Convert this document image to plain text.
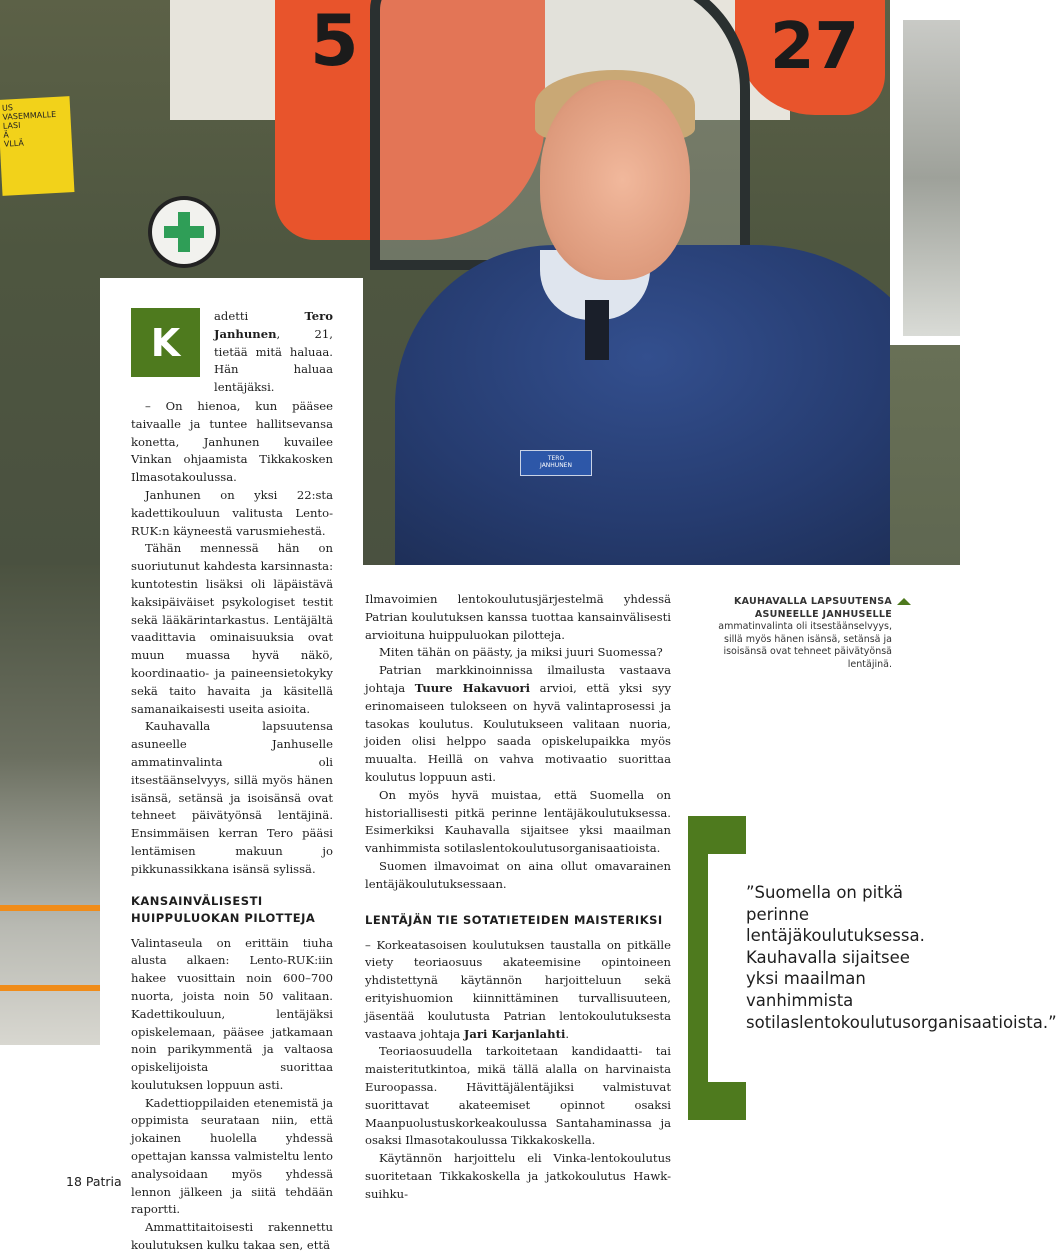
5	27
US
VASEMMALLE
LASI
Ä
VLLÄ
TERO
JANHUNEN
K

adetti Tero Janhunen, 21, tietää mitä haluaa. Hän haluaa lentäjäksi.

– On hienoa, kun pääsee taivaalle ja tuntee hallitsevansa konetta, Janhunen kuvailee Vinkan ohjaamista Tikkakosken Ilmasotakoulussa.

Janhunen on yksi 22:sta kadettikouluun valitusta Lento-RUK:n käyneestä varusmiehestä.

Tähän mennessä hän on suoriutunut kahdesta karsinnasta: kuntotestin lisäksi oli läpäistävä kaksipäiväiset psykologiset testit sekä lääkärintarkastus. Lentäjältä vaadittavia ominaisuuksia ovat muun muassa hyvä näkö, koordinaatio- ja paineensietokyky sekä taito havaita ja käsitellä samanaikaisesti useita asioita.

Kauhavalla lapsuutensa asuneelle Janhuselle ammatinvalinta oli itsestäänselvyys, sillä myös hänen isänsä, setänsä ja isoisänsä ovat tehneet päivätyönsä lentäjinä. Ensimmäisen kerran Tero pääsi lentämisen makuun jo pikkunassikkana isänsä sylissä.

KANSAINVÄLISESTI HUIPPULUOKAN PILOTTEJA

Valintaseula on erittäin tiuha alusta alkaen: Lento-RUK:iin hakee vuosittain noin 600–700 nuorta, joista noin 50 valitaan. Kadettikouluun, lentäjäksi opiskelemaan, pääsee jatkamaan noin parikymmentä ja valtaosa opiskelijoista suorittaa koulutuksen loppuun asti.

Kadettioppilaiden etenemistä ja oppimista seurataan niin, että jokainen huolella yhdessä opettajan kanssa valmisteltu lento analysoidaan myös yhdessä lennon jälkeen ja siitä tehdään raportti.

Ammattitaitoisesti rakennettu koulutuksen kulku takaa sen, että

Ilmavoimien lentokoulutusjärjestelmä yhdessä Patrian koulutuksen kanssa tuottaa kansainvälisesti arvioituna huippuluokan pilotteja.

Miten tähän on päästy, ja miksi juuri Suomessa?

Patrian markkinoinnissa ilmailusta vastaava johtaja Tuure Hakavuori arvioi, että yksi syy erinomaiseen tulokseen on hyvä valintaprosessi ja tasokas koulutus. Koulutukseen valitaan nuoria, joiden olisi helppo saada opiskelupaikka myös muualta. Heillä on vahva motivaatio suorittaa koulutus loppuun asti.

On myös hyvä muistaa, että Suomella on historiallisesti pitkä perinne lentäjäkoulutuksessa. Esimerkiksi Kauhavalla sijaitsee yksi maailman vanhimmista sotilaslentokoulutusorganisaatioista.

Suomen ilmavoimat on aina ollut omavarainen lentäjäkoulutuksessaan.

LENTÄJÄN TIE SOTATIETEIDEN MAISTERIKSI

– Korkeatasoisen koulutuksen taustalla on pitkälle viety teoriaosuus akateemisine opintoineen yhdistettynä käytännön harjoitteluun sekä erityishuomion kiinnittäminen turvallisuuteen, jäsentää koulutusta Patrian lentokoulutuksesta vastaava johtaja Jari Karjanlahti.

Teoriaosuudella tarkoitetaan kandidaatti- tai maisteritutkintoa, mikä tällä alalla on harvinaista Euroopassa. Hävittäjälentäjiksi valmistuvat suorittavat akateemiset opinnot osaksi Maanpuolustuskorkeakoulussa Santahaminassa ja osaksi Ilmasotakoulussa Tikkakoskella.

Käytännön harjoittelu eli Vinka-lentokoulutus suoritetaan Tikkakoskella ja jatkokoulutus Hawk-suihku-

KAUHAVALLA LAPSUUTENSA ASUNEELLE JANHUSELLE ammatinvalinta oli itsestäänselvyys, sillä myös hänen isänsä, setänsä ja isoisänsä ovat tehneet päivätyönsä lentäjinä.
”Suomella on pitkä perinne lentäjäkoulutuksessa. Kauhavalla sijaitsee yksi maailman vanhimmista sotilaslentokoulutusorganisaatioista.”
18 Patria
